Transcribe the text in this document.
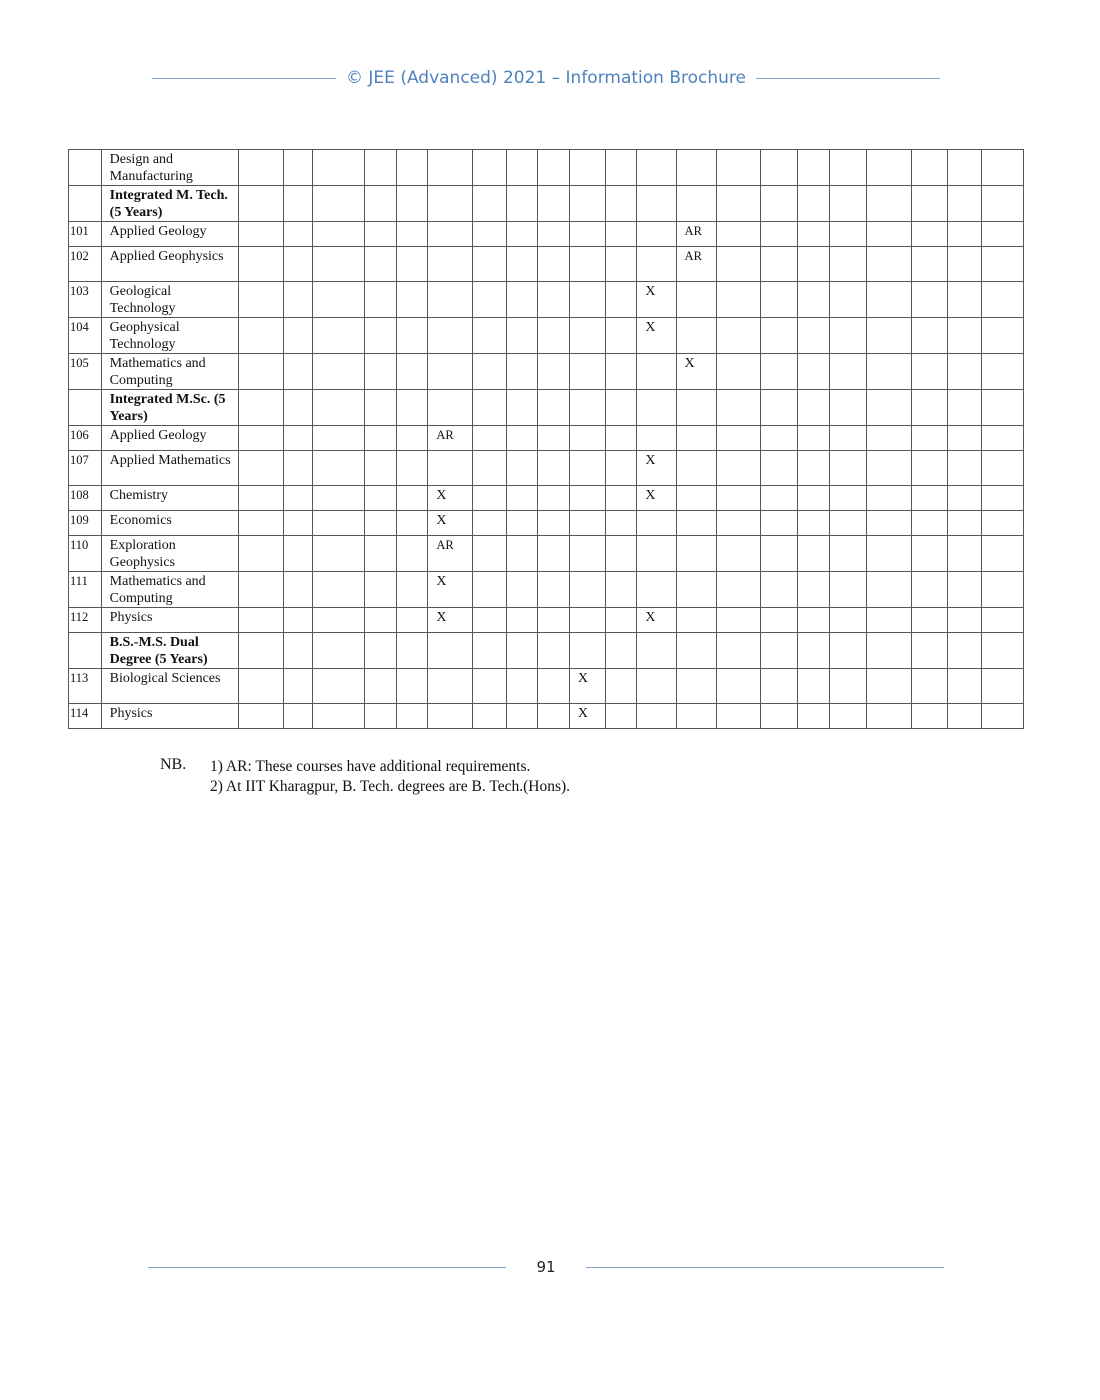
© JEE (Advanced) 2021 – Information Brochure
	Design and Manufacturing																					
	Integrated M. Tech. (5 Years)																					
101	Applied Geology													AR								
102	Applied Geophysics													AR								
103	Geological Technology												X									
104	Geophysical Technology												X									
105	Mathematics and Computing													X								
	Integrated M.Sc. (5 Years)																					
106	Applied Geology						AR															
107	Applied Mathematics												X									
108	Chemistry						X						X									
109	Economics						X															
110	Exploration Geophysics						AR															
111	Mathematics and Computing						X															
112	Physics						X						X									
	B.S.-M.S. Dual Degree (5 Years)																					
113	Biological Sciences										X											
114	Physics										X											
NB. 1) AR: These courses have additional requirements.
2) At IIT Kharagpur, B. Tech. degrees are B. Tech.(Hons).
91
